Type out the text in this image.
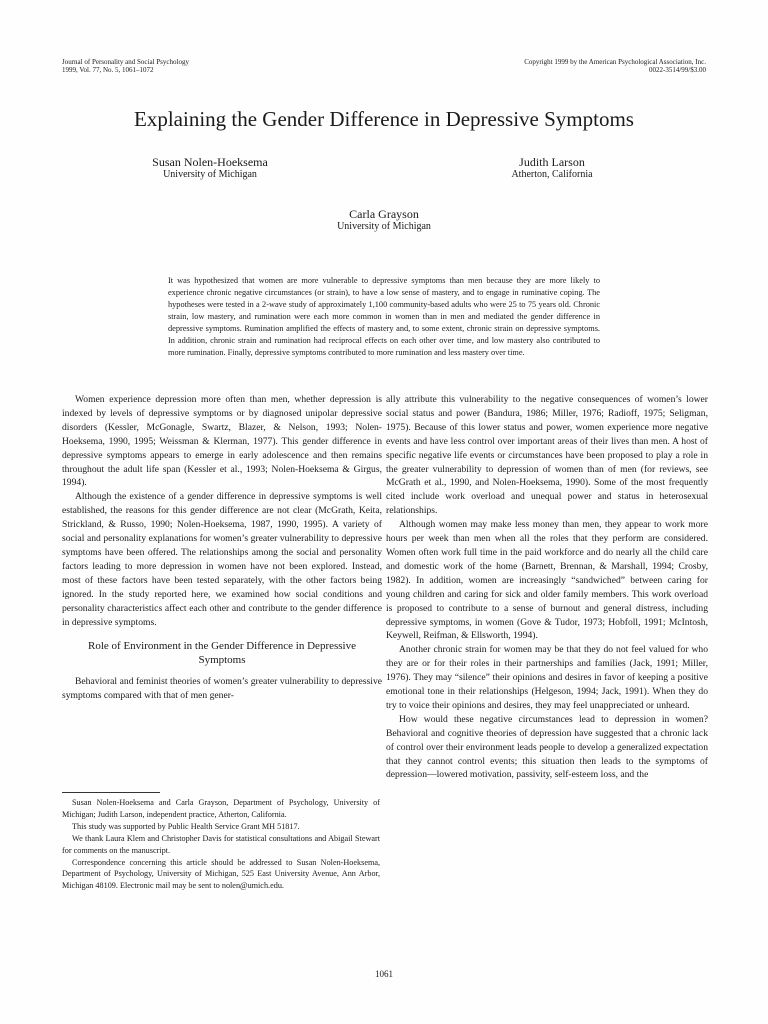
Journal of Personality and Social Psychology
1999, Vol. 77, No. 5, 1061–1072
Copyright 1999 by the American Psychological Association, Inc.
0022-3514/99/$3.00
Explaining the Gender Difference in Depressive Symptoms
Susan Nolen-Hoeksema
University of Michigan
Judith Larson
Atherton, California
Carla Grayson
University of Michigan
It was hypothesized that women are more vulnerable to depressive symptoms than men because they are more likely to experience chronic negative circumstances (or strain), to have a low sense of mastery, and to engage in ruminative coping. The hypotheses were tested in a 2-wave study of approximately 1,100 community-based adults who were 25 to 75 years old. Chronic strain, low mastery, and rumination were each more common in women than in men and mediated the gender difference in depressive symptoms. Rumination amplified the effects of mastery and, to some extent, chronic strain on depressive symptoms. In addition, chronic strain and rumination had reciprocal effects on each other over time, and low mastery also contributed to more rumination. Finally, depressive symptoms contributed to more rumination and less mastery over time.

Women experience depression more often than men, whether depression is indexed by levels of depressive symptoms or by diagnosed unipolar depressive disorders (Kessler, McGonagle, Swartz, Blazer, & Nelson, 1993; Nolen-Hoeksema, 1990, 1995; Weissman & Klerman, 1977). This gender difference in depressive symptoms appears to emerge in early adolescence and then remains throughout the adult life span (Kessler et al., 1993; Nolen-Hoeksema & Girgus, 1994).

Although the existence of a gender difference in depressive symptoms is well established, the reasons for this gender difference are not clear (McGrath, Keita, Strickland, & Russo, 1990; Nolen-Hoeksema, 1987, 1990, 1995). A variety of social and personality explanations for women’s greater vulnerability to depressive symptoms have been offered. The relationships among the social and personality factors leading to more depression in women have not been explored. Instead, most of these factors have been tested separately, with the other factors being ignored. In the study reported here, we examined how social conditions and personality characteristics affect each other and contribute to the gender difference in depressive symptoms.

Role of Environment in the Gender Difference in Depressive Symptoms

Behavioral and feminist theories of women’s greater vulnerability to depressive symptoms compared with that of men gener-

Susan Nolen-Hoeksema and Carla Grayson, Department of Psychology, University of Michigan; Judith Larson, independent practice, Atherton, California.

This study was supported by Public Health Service Grant MH 51817.

We thank Laura Klem and Christopher Davis for statistical consultations and Abigail Stewart for comments on the manuscript.

Correspondence concerning this article should be addressed to Susan Nolen-Hoeksema, Department of Psychology, University of Michigan, 525 East University Avenue, Ann Arbor, Michigan 48109. Electronic mail may be sent to nolen@umich.edu.

ally attribute this vulnerability to the negative consequences of women’s lower social status and power (Bandura, 1986; Miller, 1976; Radioff, 1975; Seligman, 1975). Because of this lower status and power, women experience more negative events and have less control over important areas of their lives than men. A host of specific negative life events or circumstances have been proposed to play a role in the greater vulnerability to depression of women than of men (for reviews, see McGrath et al., 1990, and Nolen-Hoeksema, 1990). Some of the most frequently cited include work overload and unequal power and status in heterosexual relationships.

Although women may make less money than men, they appear to work more hours per week than men when all the roles that they perform are considered. Women often work full time in the paid workforce and do nearly all the child care and domestic work of the home (Barnett, Brennan, & Marshall, 1994; Crosby, 1982). In addition, women are increasingly “sandwiched” between caring for young children and caring for sick and older family members. This work overload is proposed to contribute to a sense of burnout and general distress, including depressive symptoms, in women (Gove & Tudor, 1973; Hobfoll, 1991; McIntosh, Keywell, Reifman, & Ellsworth, 1994).

Another chronic strain for women may be that they do not feel valued for who they are or for their roles in their partnerships and families (Jack, 1991; Miller, 1976). They may “silence” their opinions and desires in favor of keeping a positive emotional tone in their relationships (Helgeson, 1994; Jack, 1991). When they do try to voice their opinions and desires, they may feel unappreciated or unheard.

How would these negative circumstances lead to depression in women? Behavioral and cognitive theories of depression have suggested that a chronic lack of control over their environment leads people to develop a generalized expectation that they cannot control events; this situation then leads to the symptoms of depression—lowered motivation, passivity, self-esteem loss, and the

1061
